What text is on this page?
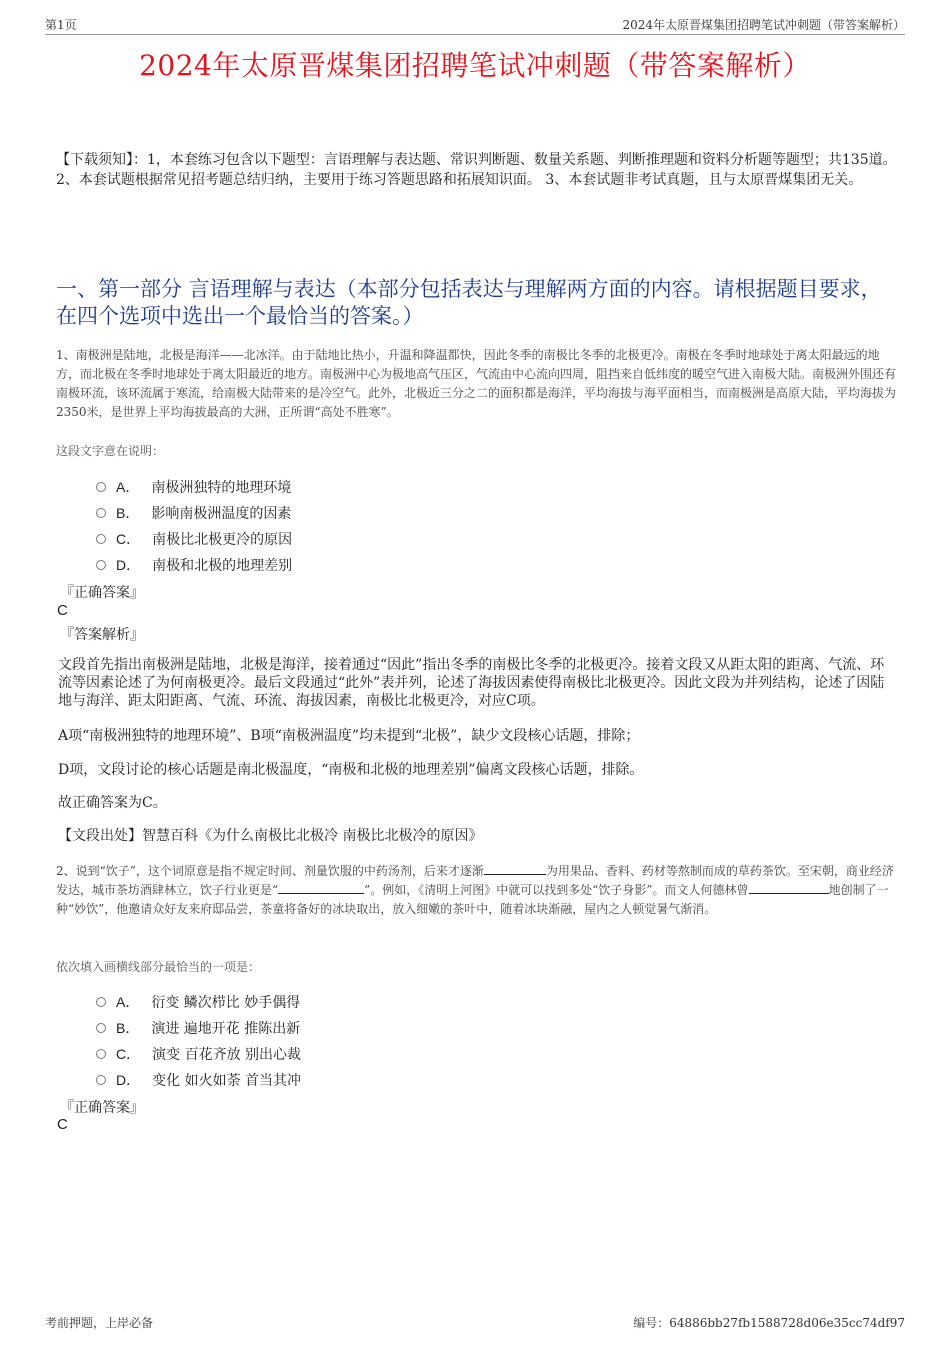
第1页	2024年太原晋煤集团招聘笔试冲刺题（带答案解析）
2024年太原晋煤集团招聘笔试冲刺题（带答案解析）
【下载须知】：1，本套练习包含以下题型：言语理解与表达题、常识判断题、数量关系题、判断推理题和资料分析题等题型；共135道。 2、本套试题根据常见招考题总结归纳，主要用于练习答题思路和拓展知识面。 3、本套试题非考试真题，且与太原晋煤集团无关。
一、第一部分 言语理解与表达（本部分包括表达与理解两方面的内容。请根据题目要求，在四个选项中选出一个最恰当的答案。）
1、南极洲是陆地，北极是海洋——北冰洋。由于陆地比热小，升温和降温都快，因此冬季的南极比冬季的北极更冷。南极在冬季时地球处于离太阳最远的地方，而北极在冬季时地球处于离太阳最近的地方。南极洲中心为极地高气压区，气流由中心流向四周，阻挡来自低纬度的暖空气进入南极大陆。南极洲外围还有南极环流，该环流属于寒流，给南极大陆带来的是冷空气。此外，北极近三分之二的面积都是海洋，平均海拔与海平面相当，而南极洲是高原大陆，平均海拔为2350米，是世界上平均海拔最高的大洲，正所谓“高处不胜寒”。
这段文字意在说明：
A． 南极洲独特的地理环境
B． 影响南极洲温度的因素
C． 南极比北极更冷的原因
D． 南极和北极的地理差别
『正确答案』
C
『答案解析』
文段首先指出南极洲是陆地，北极是海洋，接着通过“因此”指出冬季的南极比冬季的北极更冷。接着文段又从距太阳的距离、气流、环流等因素论述了为何南极更冷。最后文段通过“此外”表并列，论述了海拔因素使得南极比北极更冷。因此文段为并列结构，论述了因陆地与海洋、距太阳距离、气流、环流、海拔因素，南极比北极更冷，对应C项。
A项“南极洲独特的地理环境”、B项“南极洲温度”均未提到“北极”，缺少文段核心话题，排除；
D项，文段讨论的核心话题是南北极温度，“南极和北极的地理差别”偏离文段核心话题，排除。
故正确答案为C。
【文段出处】智慧百科《为什么南极比北极冷 南极比北极冷的原因》
2、说到“饮子”，这个词原意是指不规定时间、剂量饮服的中药汤剂，后来才逐渐	为用果品、香料、药材等熬制而成的草药茶饮。至宋朝，商业经济发达，城市茶坊酒肆林立，饮子行业更是“	”。例如，《清明上河图》中就可以找到多处“饮子身影”。而文人何德林曾	地创制了一种“妙饮”，他邀请众好友来府邸品尝，茶童将备好的冰块取出，放入细嫩的茶叶中，随着冰块渐融，屋内之人顿觉暑气渐消。
依次填入画横线部分最恰当的一项是：
A． 衍变 鳞次栉比 妙手偶得
B． 演进 遍地开花 推陈出新
C． 演变 百花齐放 别出心裁
D． 变化 如火如荼 首当其冲
『正确答案』
C
考前押题，上岸必备	编号：64886bb27fb1588728d06e35cc74df97
